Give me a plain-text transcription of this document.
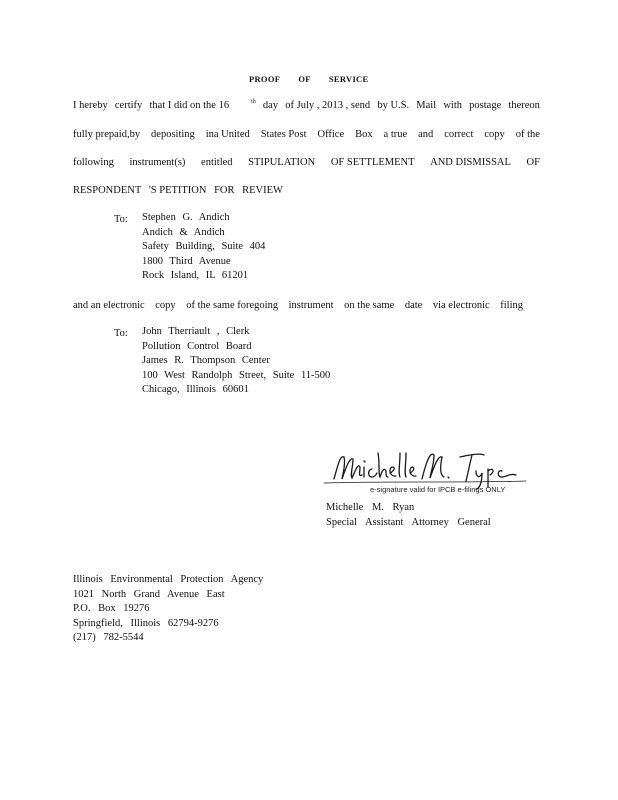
PROOF OF SERVICE
I hereby certify that I did on the 16	$^{th}$ day of July , 2013 , send by U.S. Mail with postage thereon
fully prepaid,by depositing ina United States Post Office Box a true and correct copy of the
following instrument(s) entitled STIPULATION OF SETTLEMENT AND DISMISSAL OF
RESPONDENT 'S PETITION FOR REVIEW
To: Stephen G. Andich
Andich & Andich
Safety Building, Suite 404
1800 Third Avenue
Rock Island, IL 61201
and an electronic copy of the same foregoing instrument on the same date via electronic filing
To: John Therriault , Clerk
Pollution Control Board
James R. Thompson Center
100 West Randolph Street, Suite 11-500
Chicago, Illinois 60601
e-signature valid for IPCB e-filings ONLY
Michelle M. Ryan
Special Assistant Attorney General
Illinois Environmental Protection Agency
1021 North Grand Avenue East
P.O. Box 19276
Springfield, Illinois 62794-9276
(217) 782-5544
